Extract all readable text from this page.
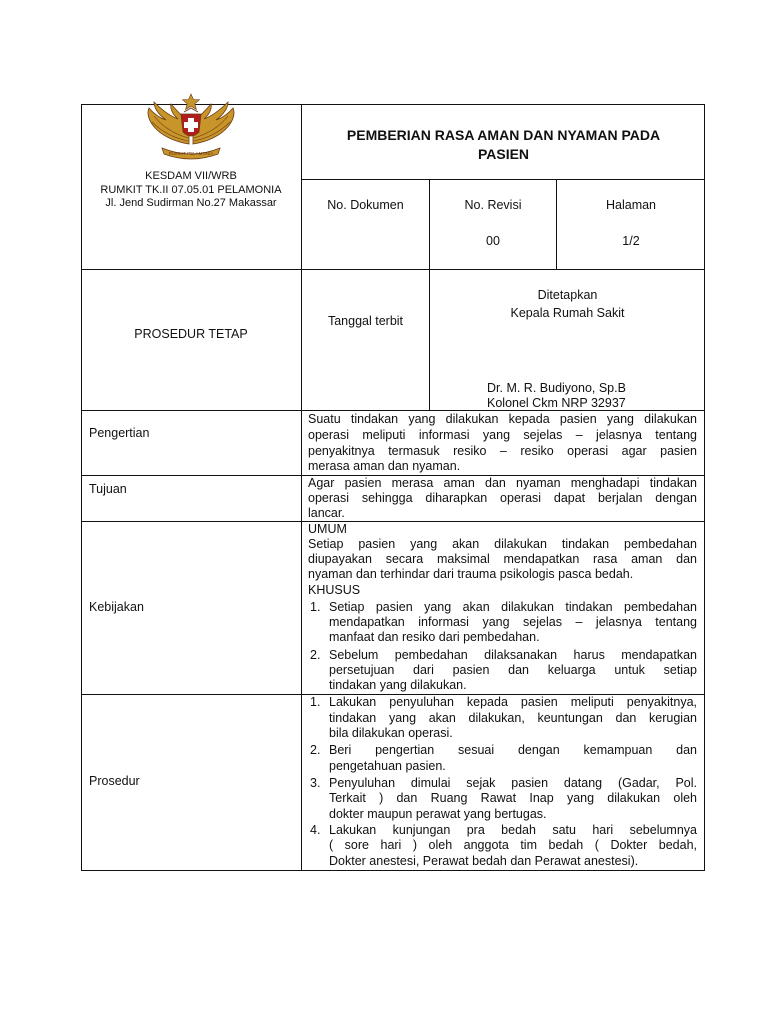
RUMKIT PELAMONIA
KESDAM VII/WRB
RUMKIT TK.II 07.05.01 PELAMONIA
Jl. Jend Sudirman No.27 Makassar
PEMBERIAN RASA AMAN DAN NYAMAN PADA
PASIEN
No. Dokumen	No. Revisi
00
Halaman
1/2
PROSEDUR TETAP
Tanggal terbit
Ditetapkan
Kepala Rumah Sakit
Dr. M. R. Budiyono, Sp.B
Kolonel Ckm NRP 32937
Pengertian
Suatu tindakan yang dilakukan kepada pasien yang dilakukan
operasi meliputi informasi yang sejelas – jelasnya tentang
penyakitnya termasuk resiko – resiko operasi agar pasien
merasa aman dan nyaman.
Tujuan	Agar pasien merasa aman dan nyaman menghadapi tindakan
operasi sehingga diharapkan operasi dapat berjalan dengan
lancar.
Kebijakan
UMUM
Setiap pasien yang akan dilakukan tindakan pembedahan
diupayakan secara maksimal mendapatkan rasa aman dan
nyaman dan terhindar dari trauma psikologis pasca bedah.
KHUSUS
1. Setiap pasien yang akan dilakukan tindakan pembedahan
mendapatkan informasi yang sejelas – jelasnya tentang
manfaat dan resiko dari pembedahan.
2. Sebelum pembedahan dilaksanakan harus mendapatkan
persetujuan dari pasien dan keluarga untuk setiap
tindakan yang dilakukan.
Prosedur
1. Lakukan penyuluhan kepada pasien meliputi penyakitnya,
tindakan yang akan dilakukan, keuntungan dan kerugian
bila dilakukan operasi.
2. Beri pengertian sesuai dengan kemampuan dan
pengetahuan pasien.
3. Penyuluhan dimulai sejak pasien datang (Gadar, Pol.
Terkait ) dan Ruang Rawat Inap yang dilakukan oleh
dokter maupun perawat yang bertugas.
4. Lakukan kunjungan pra bedah satu hari sebelumnya
( sore hari ) oleh anggota tim bedah ( Dokter bedah,
Dokter anestesi, Perawat bedah dan Perawat anestesi).
